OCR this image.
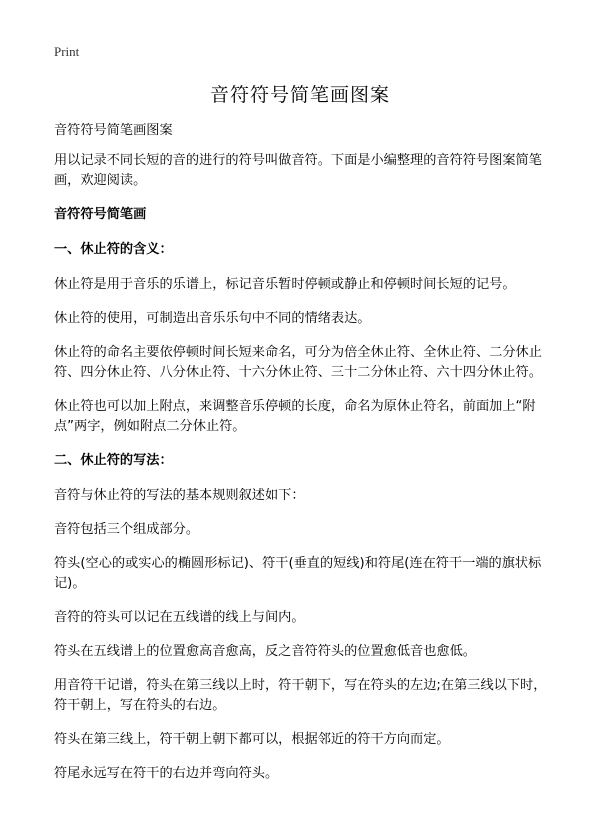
Print
音符符号简笔画图案

音符符号简笔画图案

用以记录不同长短的音的进行的符号叫做音符。下面是小编整理的音符符号图案简笔画，欢迎阅读。

音符符号简笔画

一、休止符的含义：

休止符是用于音乐的乐谱上，标记音乐暂时停顿或静止和停顿时间长短的记号。

休止符的使用，可制造出音乐乐句中不同的情绪表达。

休止符的命名主要依停顿时间长短来命名，可分为倍全休止符、全休止符、二分休止符、四分休止符、八分休止符、十六分休止符、三十二分休止符、六十四分休止符。

休止符也可以加上附点，来调整音乐停顿的长度，命名为原休止符名，前面加上“附点”两字，例如附点二分休止符。

二、休止符的写法：

音符与休止符的写法的基本规则叙述如下：

音符包括三个组成部分。

符头(空心的或实心的椭圆形标记)、符干(垂直的短线)和符尾(连在符干一端的旗状标记)。

音符的符头可以记在五线谱的线上与间内。

符头在五线谱上的位置愈高音愈高，反之音符符头的位置愈低音也愈低。

用音符干记谱，符头在第三线以上时，符干朝下，写在符头的左边;在第三线以下时，符干朝上，写在符头的右边。

符头在第三线上，符干朝上朝下都可以，根据邻近的符干方向而定。

符尾永远写在符干的右边并弯向符头。
